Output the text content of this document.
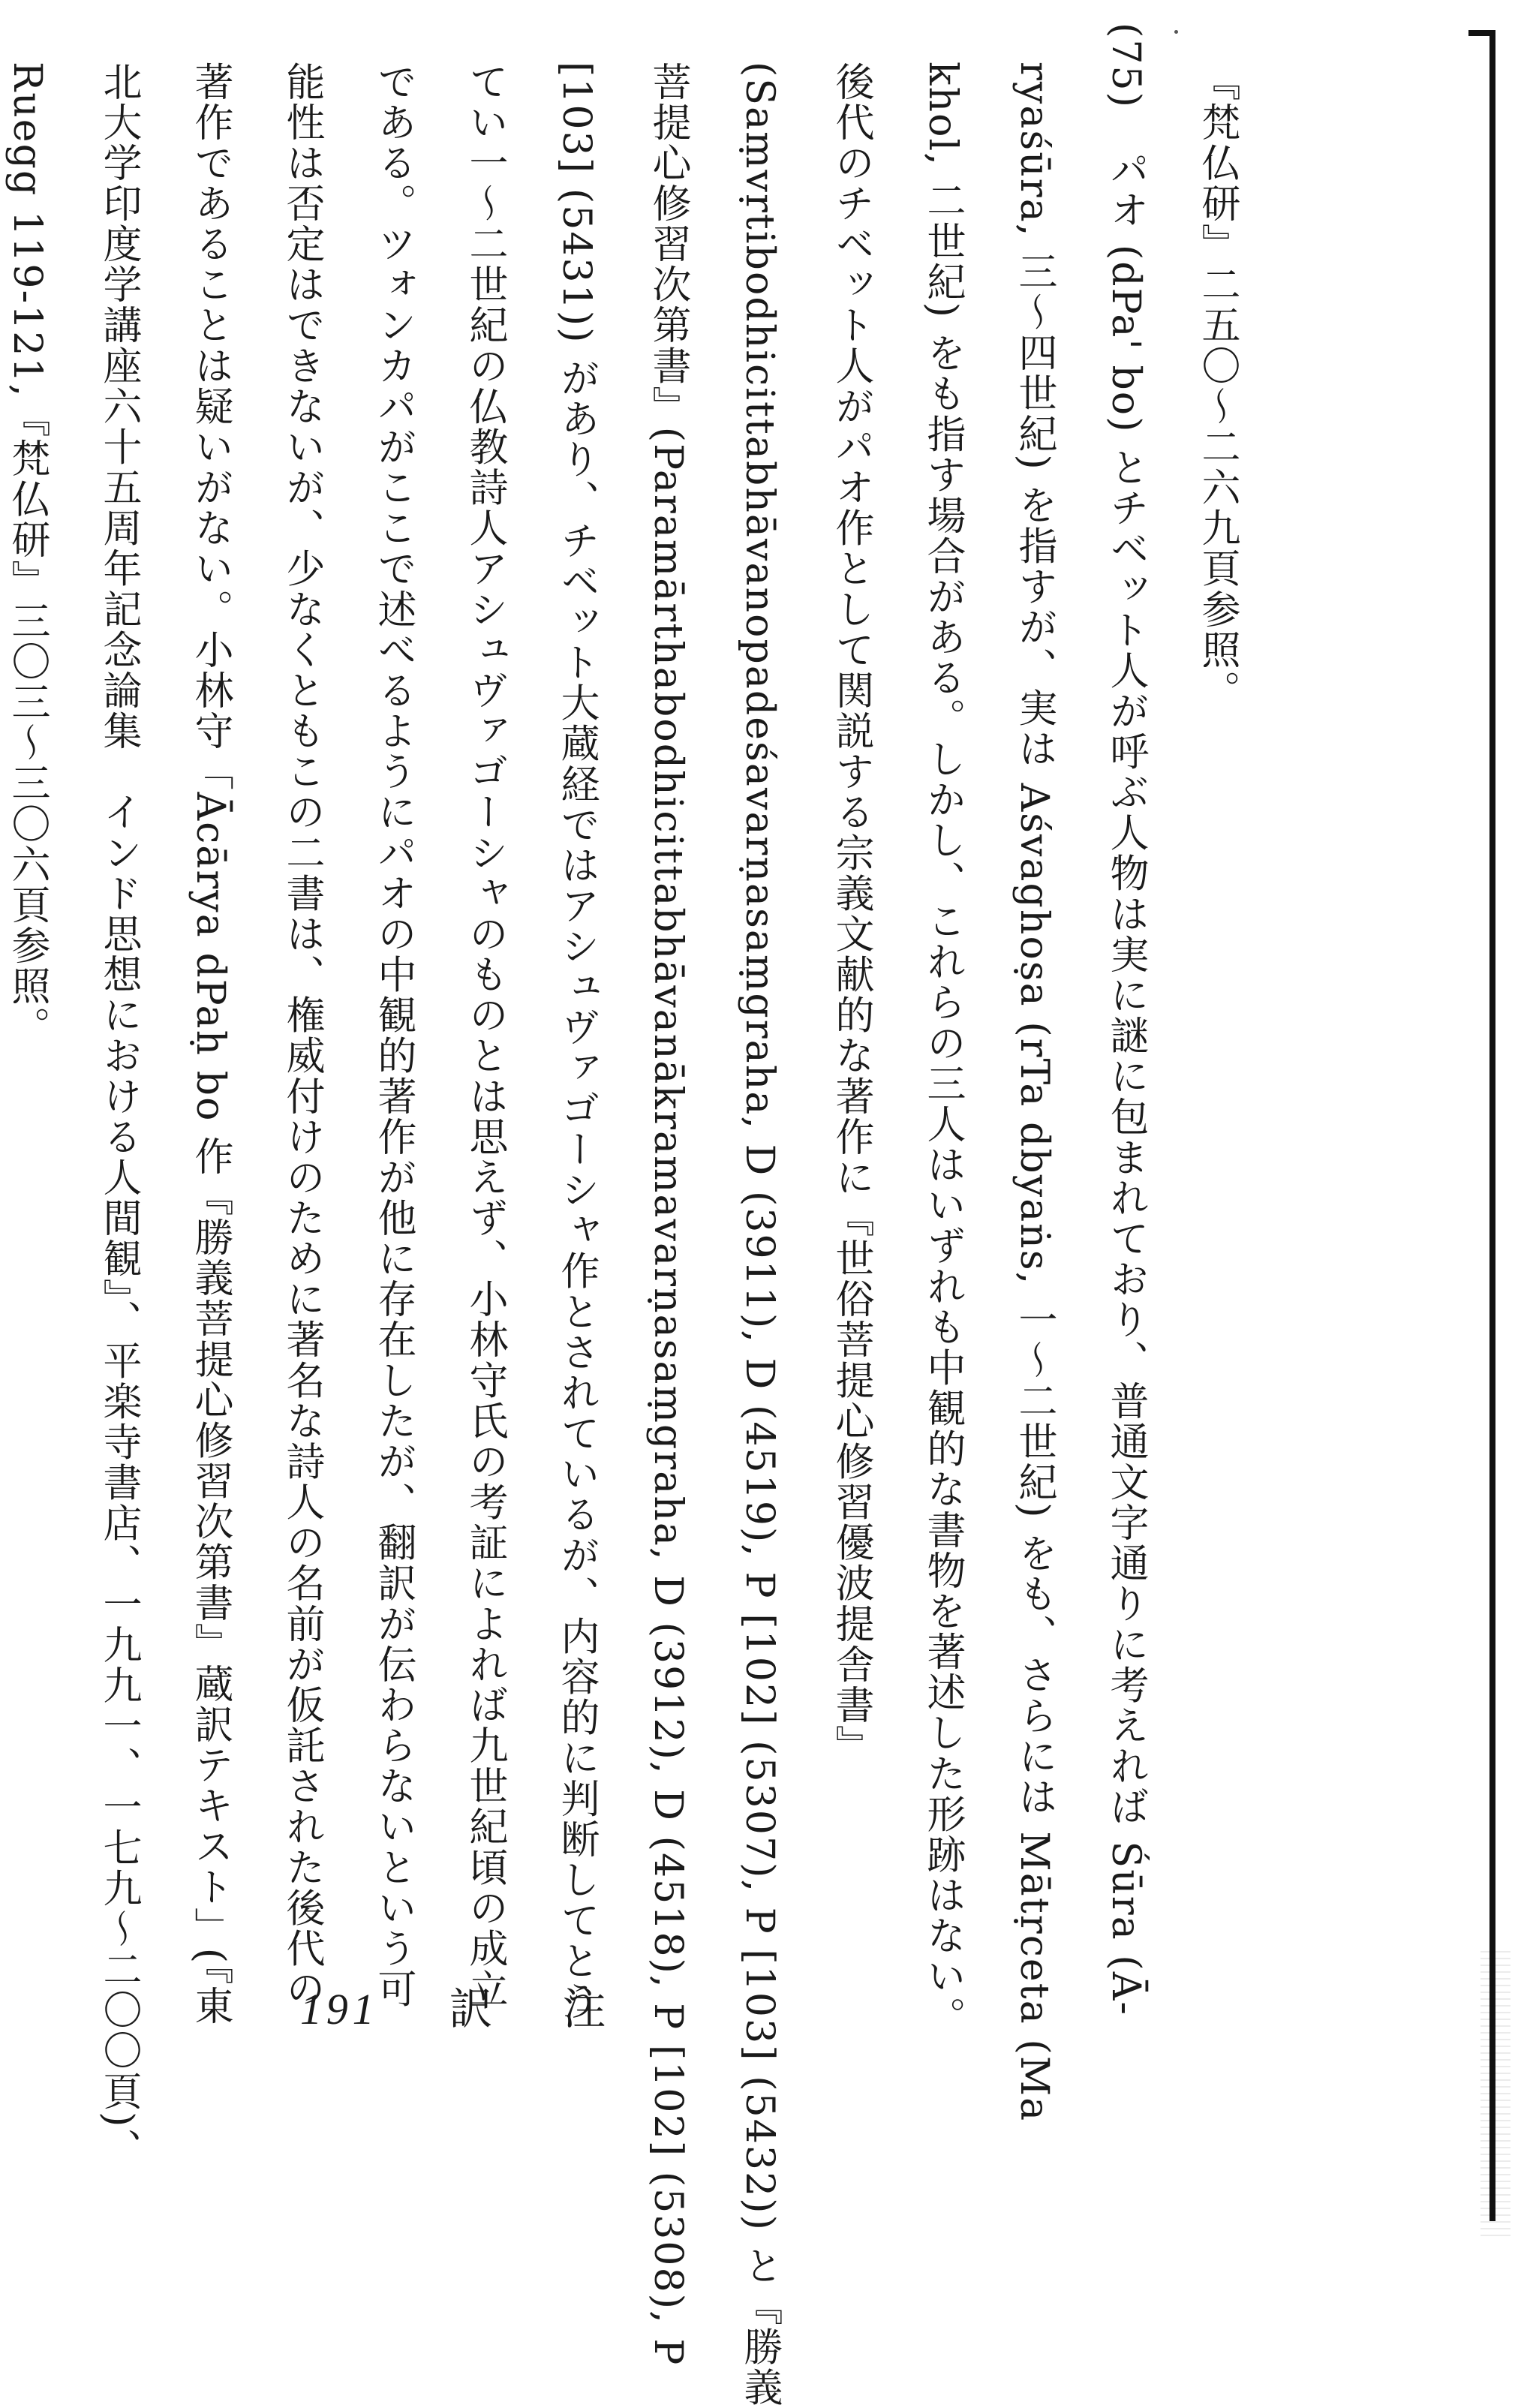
『梵仏研』二五〇～二六九頁参照。
(75)　パオ (dPa' bo) とチベット人が呼ぶ人物は実に謎に包まれており、普通文字通りに考えれば Śūra (Ā-
ryaśūra, 三～四世紀) を指すが、実は Aśvaghoṣa (rTa dbyaṅs, 一～二世紀) をも、さらには Mātṛceta (Ma
khol, 二世紀) をも指す場合がある。しかし、これらの三人はいずれも中観的な書物を著述した形跡はない。
後代のチベット人がパオ作として関説する宗義文献的な著作に『世俗菩提心修習優波提舎書』
(Saṃvṛtibodhicittabhāvanopadeśavarṇasaṃgraha, D (3911), D (4519), P [102] (5307), P [103] (5432)) と『勝義
菩提心修習次第書』(Paramārthabodhicittabhāvanākramavarṇasaṃgraha, D (3912), D (4518), P [102] (5308), P
[103] (5431)) があり、チベット大蔵経ではアシュヴァゴーシャ作とされているが、内容的に判断してとう
てい一～二世紀の仏教詩人アシュヴァゴーシャのものとは思えず、小林守氏の考証によれば九世紀頃の成立
である。ツォンカパがここで述べるようにパオの中観的著作が他に存在したが、翻訳が伝わらないという可
能性は否定はできないが、少なくともこの二書は、権威付けのために著名な詩人の名前が仮託された後代の
著作であることは疑いがない。小林守「Ācārya dPaḥ bo 作『勝義菩提心修習次第書』蔵訳テキスト」(『東
北大学印度学講座六十五周年記念論集　インド思想における人間観』、平楽寺書店、一九九一、一七九～二〇〇頁)、
Ruegg 119-121,『梵仏研』三〇三～三〇六頁参照。
191 訳注
